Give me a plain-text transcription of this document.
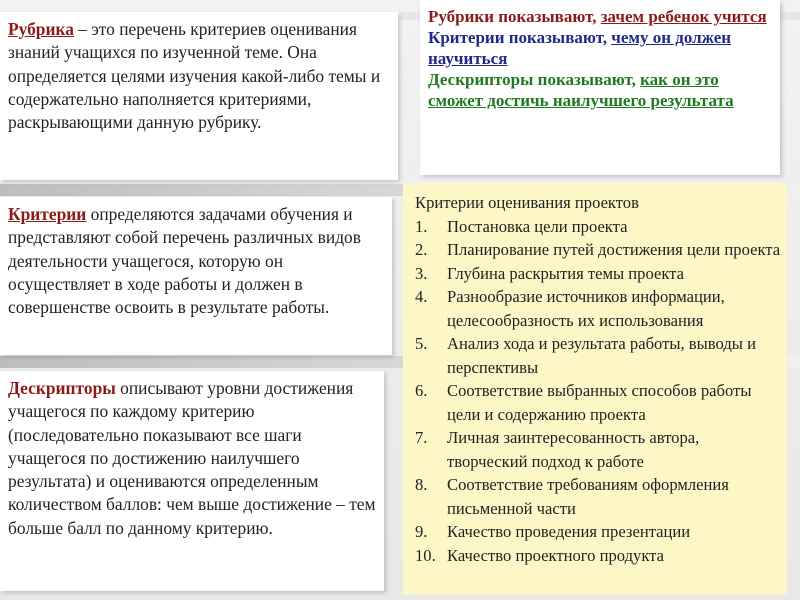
Рубрика – это перечень критериев оценивания знаний учащихся по изученной теме. Она определяется целями изучения какой-либо темы и содержательно наполняется критериями, раскрывающими данную рубрику.
Критерии определяются задачами обучения и представляют собой перечень различных видов деятельности учащегося, которую он осуществляет в ходе работы и должен в совершенстве освоить в результате работы.
Дескрипторы описывают уровни достижения учащегося по каждому критерию (последовательно показывают все шаги учащегося по достижению наилучшего результата) и оцениваются определенным количеством баллов: чем выше достижение – тем больше балл по данному критерию.
Рубрики показывают, зачем ребенок учится
Критерии показывают, чему он должен научиться
Дескрипторы показывают, как он это сможет достичь наилучшего результата
Критерии оценивания проектов
1.	Постановка цели проекта
2.	Планирование путей достижения цели проекта
3.	Глубина раскрытия темы проекта
4.	Разнообразие источников информации, целесообразность их использования
5.	Анализ хода и результата работы, выводы и перспективы
6.	Соответствие выбранных способов работы цели и содержанию проекта
7.	Личная заинтересованность автора, творческий подход к работе
8.	Соответствие требованиям оформления письменной части
9.	Качество проведения презентации
10. Качество проектного продукта
